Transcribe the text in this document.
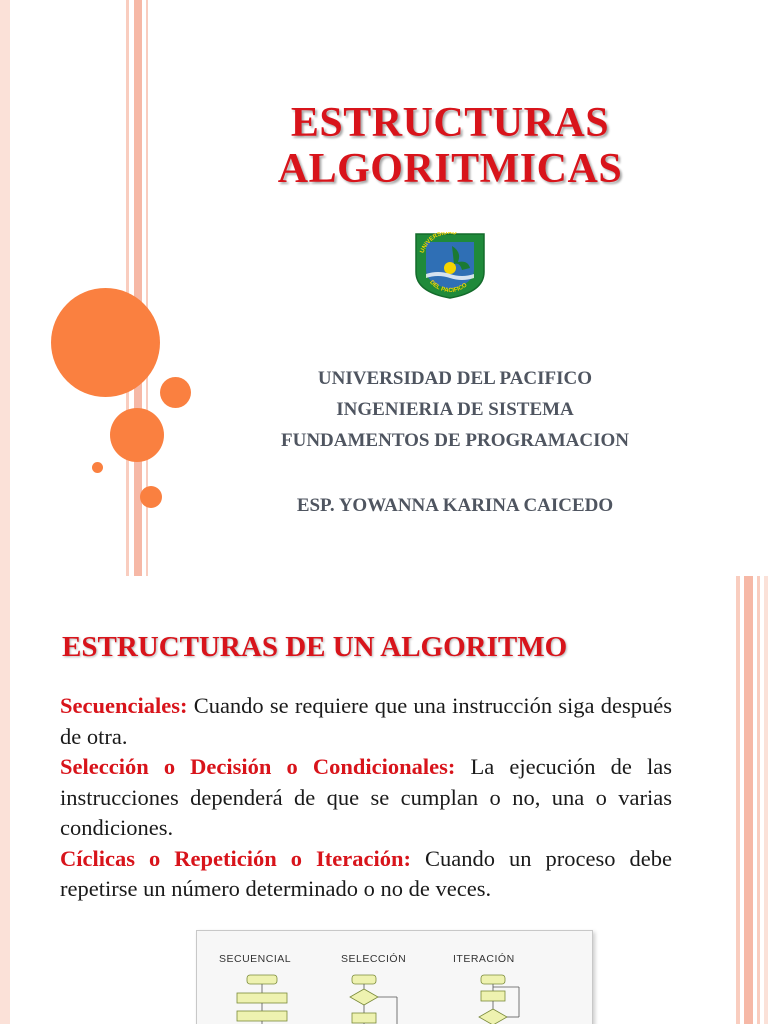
ESTRUCTURAS
ALGORITMICAS
UNIVERSIDAD
DEL PACIFICO
UNIVERSIDAD DEL PACIFICO
INGENIERIA DE SISTEMA
FUNDAMENTOS DE PROGRAMACION
ESP. YOWANNA KARINA CAICEDO
ESTRUCTURAS DE UN ALGORITMO

Secuenciales: Cuando se requiere que una instrucción siga después de otra.

Selección o Decisión o Condicionales: La ejecución de las instrucciones dependerá de que se cumplan o no, una o varias condiciones.

Cíclicas o Repetición o Iteración: Cuando un proceso debe repetirse un número determinado o no de veces.

SECUENCIAL	SELECCIÓN	ITERACIÓN
